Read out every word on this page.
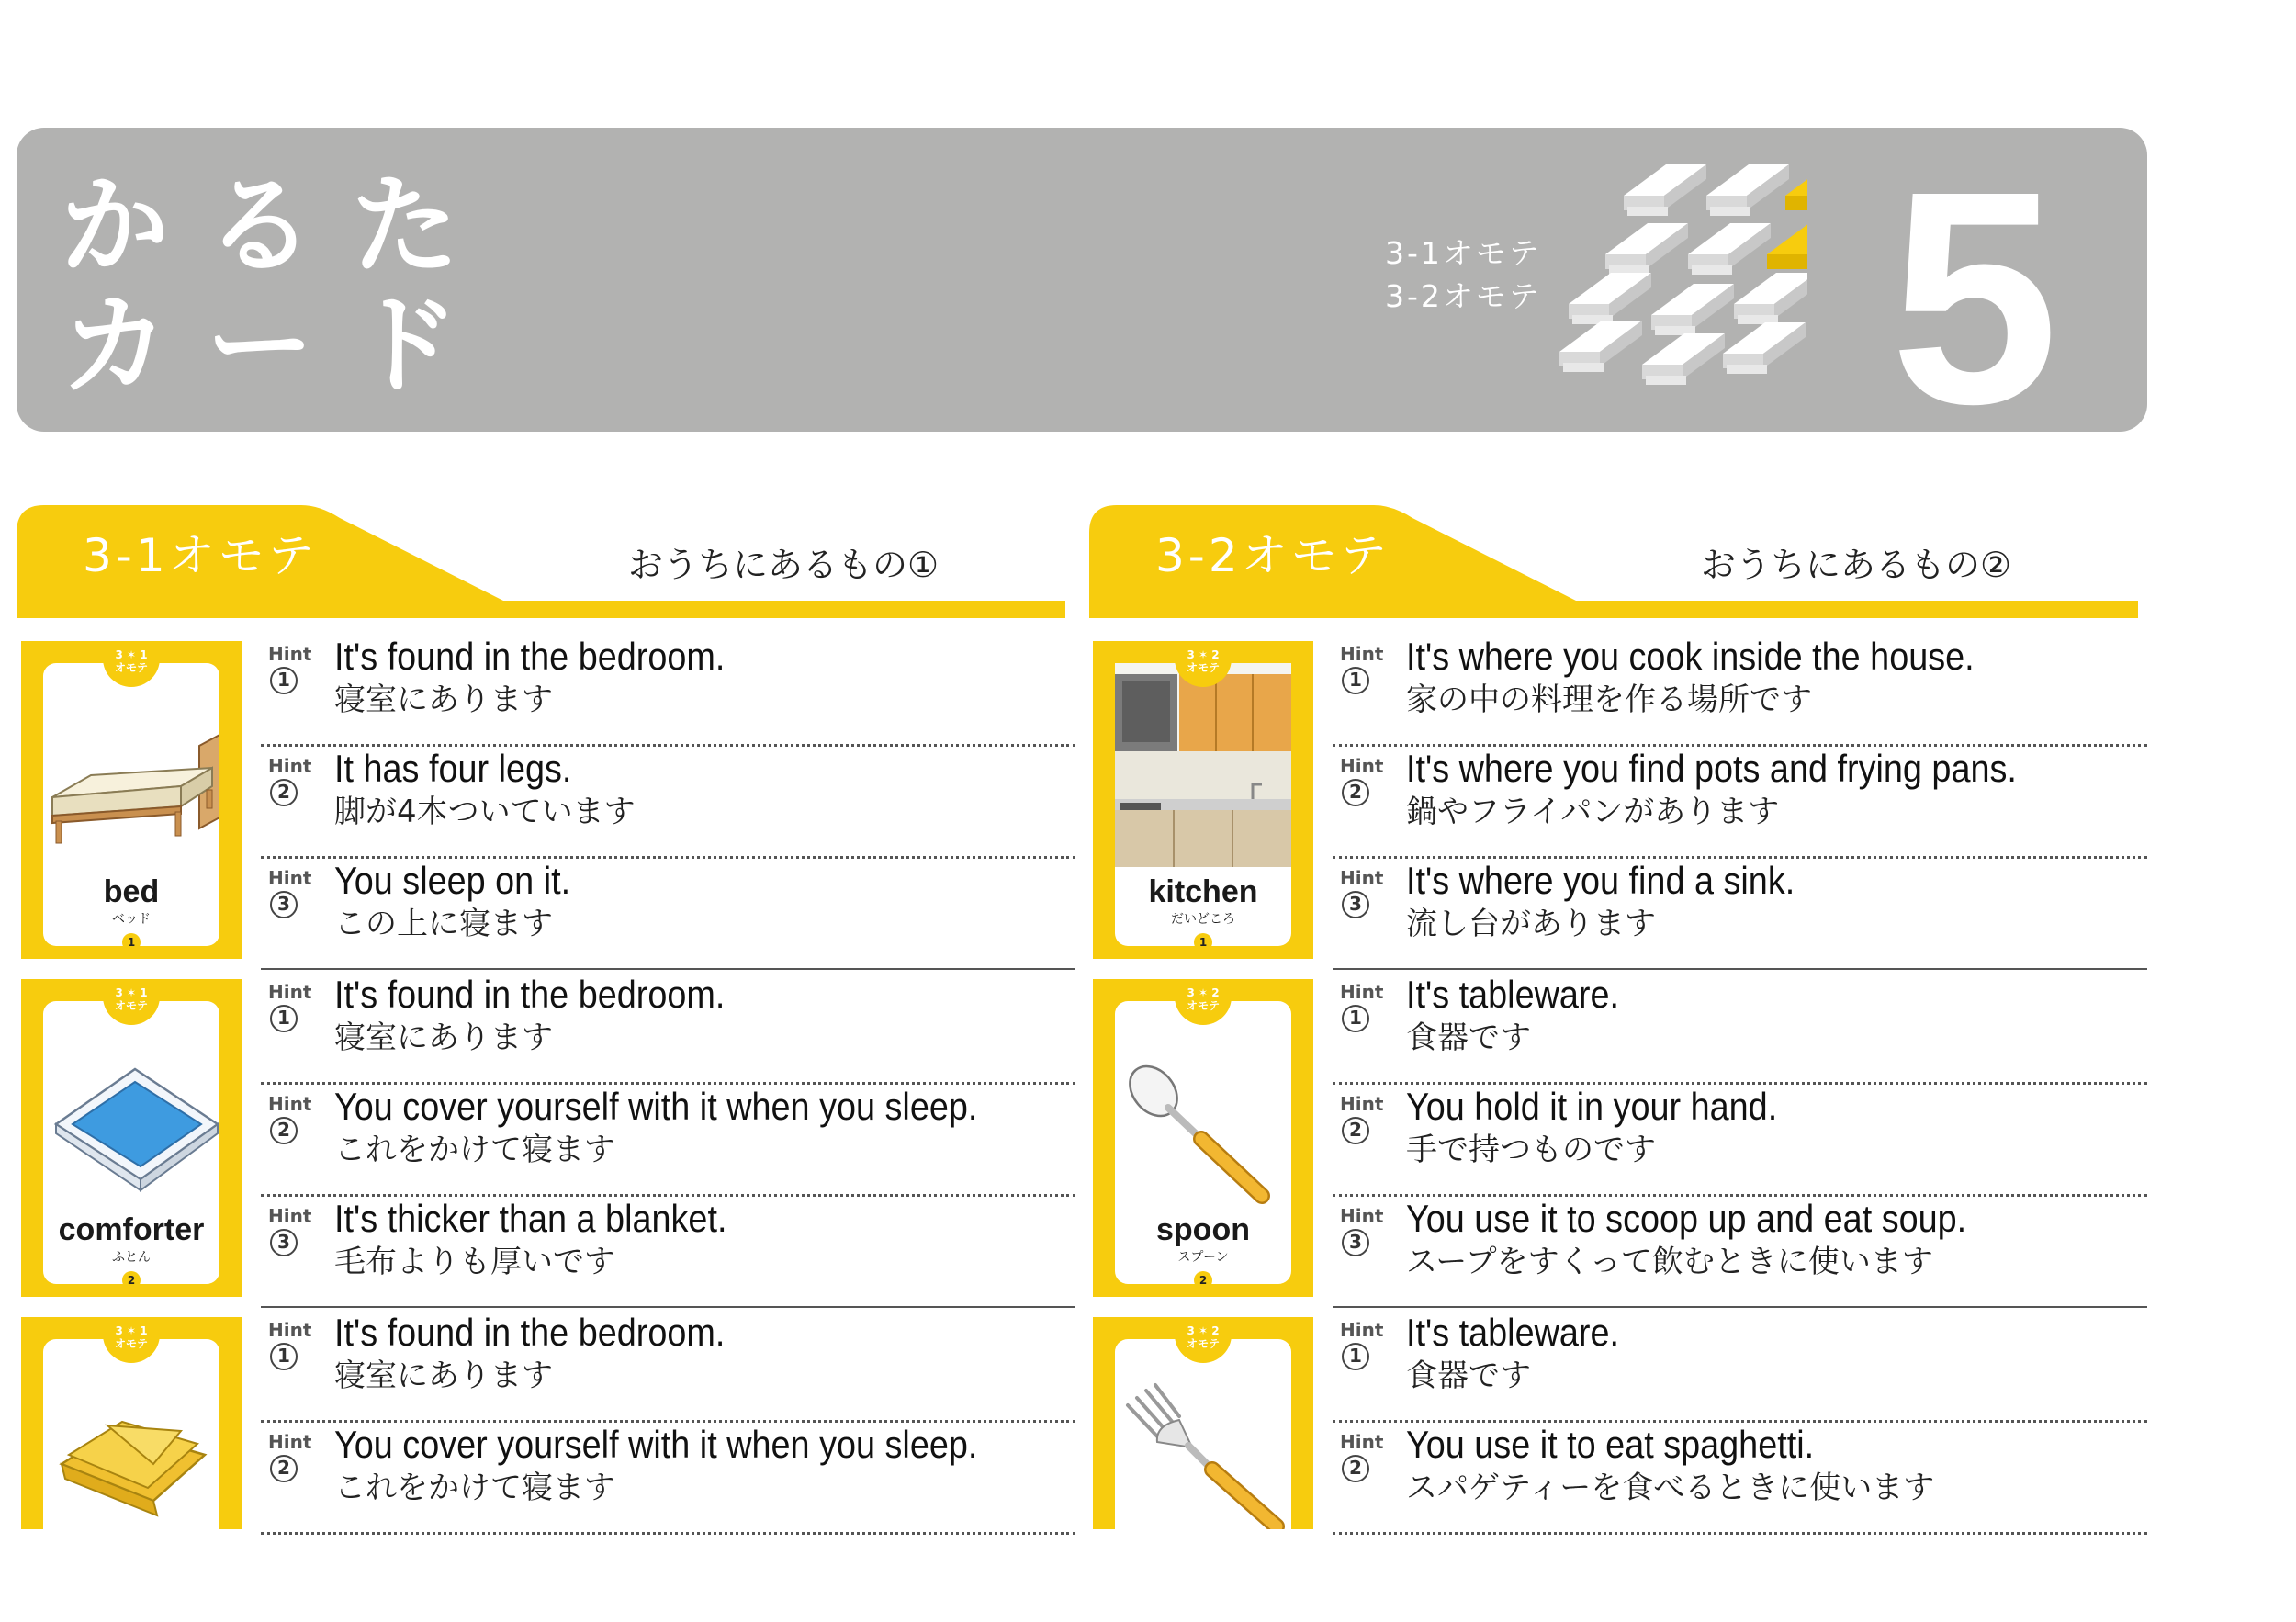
かるた
カード
3-1オモテ
3-2オモテ 5
3-1オモテ	おうちにあるもの①	3-2オモテ	おうちにあるもの②
3 ✶ 1
オモテ
bed
ベッド
1
3 ✶ 1
オモテ
comforter
ふとん
2
3 ✶ 1
オモテ
3 ✶ 2
オモテ
kitchen
だいどころ
1
3 ✶ 2
オモテ
spoon
スプーン
2
3 ✶ 2
オモテ
Hint
1
It's found in the bedroom.
寝室にあります
Hint
2
It has four legs.
脚が4本ついています
Hint
3
You sleep on it.
この上に寝ます
Hint
1
It's found in the bedroom.
寝室にあります
Hint
2
You cover yourself with it when you sleep.
これをかけて寝ます
Hint
3
It's thicker than a blanket.
毛布よりも厚いです
Hint
1
It's found in the bedroom.
寝室にあります
Hint
2
You cover yourself with it when you sleep.
これをかけて寝ます
Hint
1
It's where you cook inside the house.
家の中の料理を作る場所です
Hint
2
It's where you find pots and frying pans.
鍋やフライパンがあります
Hint
3
It's where you find a sink.
流し台があります
Hint
1
It's tableware.
食器です
Hint
2
You hold it in your hand.
手で持つものです
Hint
3
You use it to scoop up and eat soup.
スープをすくって飲むときに使います
Hint
1
It's tableware.
食器です
Hint
2
You use it to eat spaghetti.
スパゲティーを食べるときに使います
